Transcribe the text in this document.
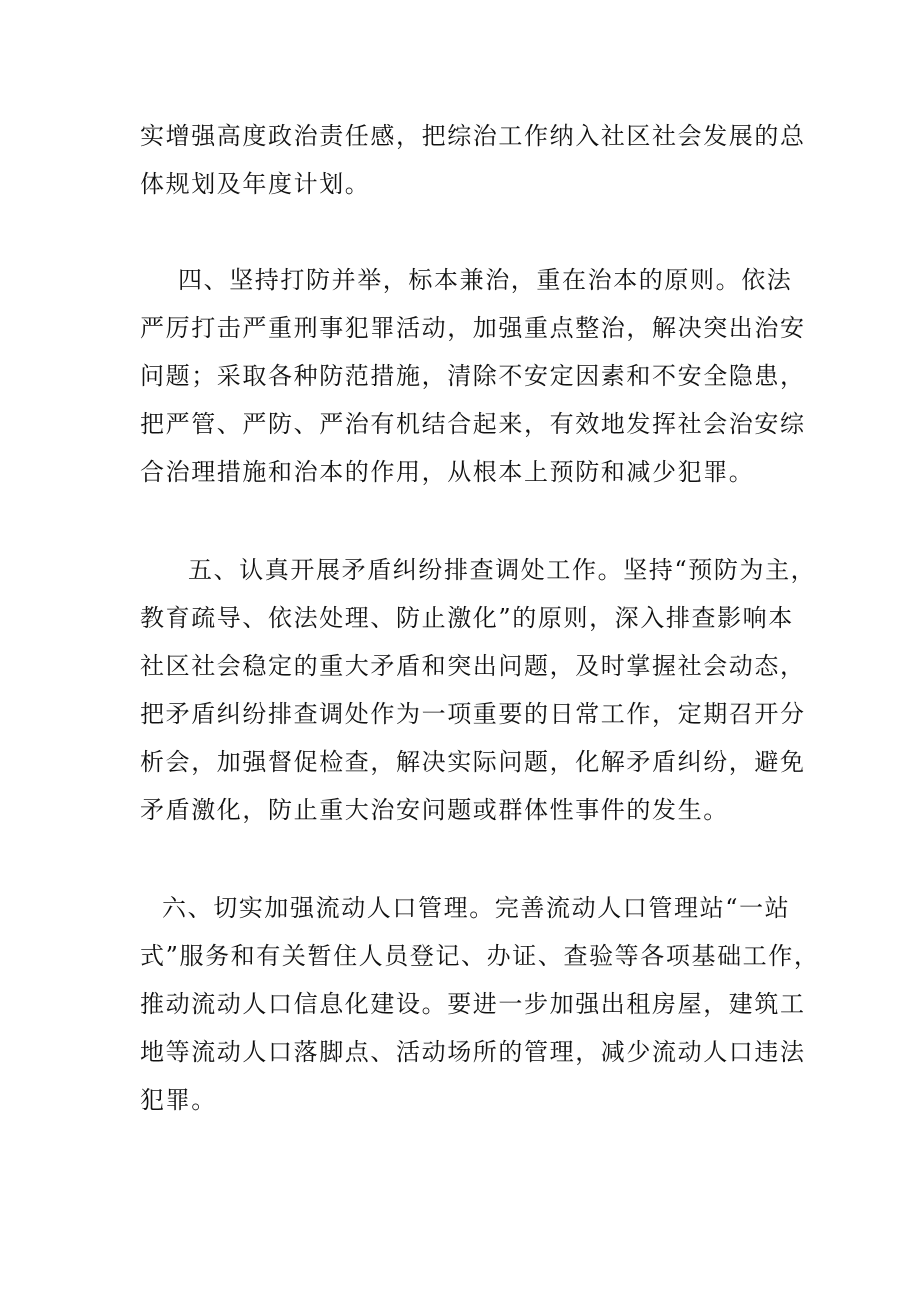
实增强高度政治责任感，把综治工作纳入社区社会发展的总
体规划及年度计划。
四、坚持打防并举，标本兼治，重在治本的原则。依法
严厉打击严重刑事犯罪活动，加强重点整治，解决突出治安
问题；采取各种防范措施，清除不安定因素和不安全隐患，
把严管、严防、严治有机结合起来，有效地发挥社会治安综
合治理措施和治本的作用，从根本上预防和减少犯罪。
五、认真开展矛盾纠纷排查调处工作。坚持“预防为主，
教育疏导、依法处理、防止激化”的原则，深入排查影响本
社区社会稳定的重大矛盾和突出问题，及时掌握社会动态，
把矛盾纠纷排查调处作为一项重要的日常工作，定期召开分
析会，加强督促检查，解决实际问题，化解矛盾纠纷，避免
矛盾激化，防止重大治安问题或群体性事件的发生。
六、切实加强流动人口管理。完善流动人口管理站“一站
式”服务和有关暂住人员登记、办证、查验等各项基础工作，
推动流动人口信息化建设。要进一步加强出租房屋，建筑工
地等流动人口落脚点、活动场所的管理，减少流动人口违法
犯罪。
